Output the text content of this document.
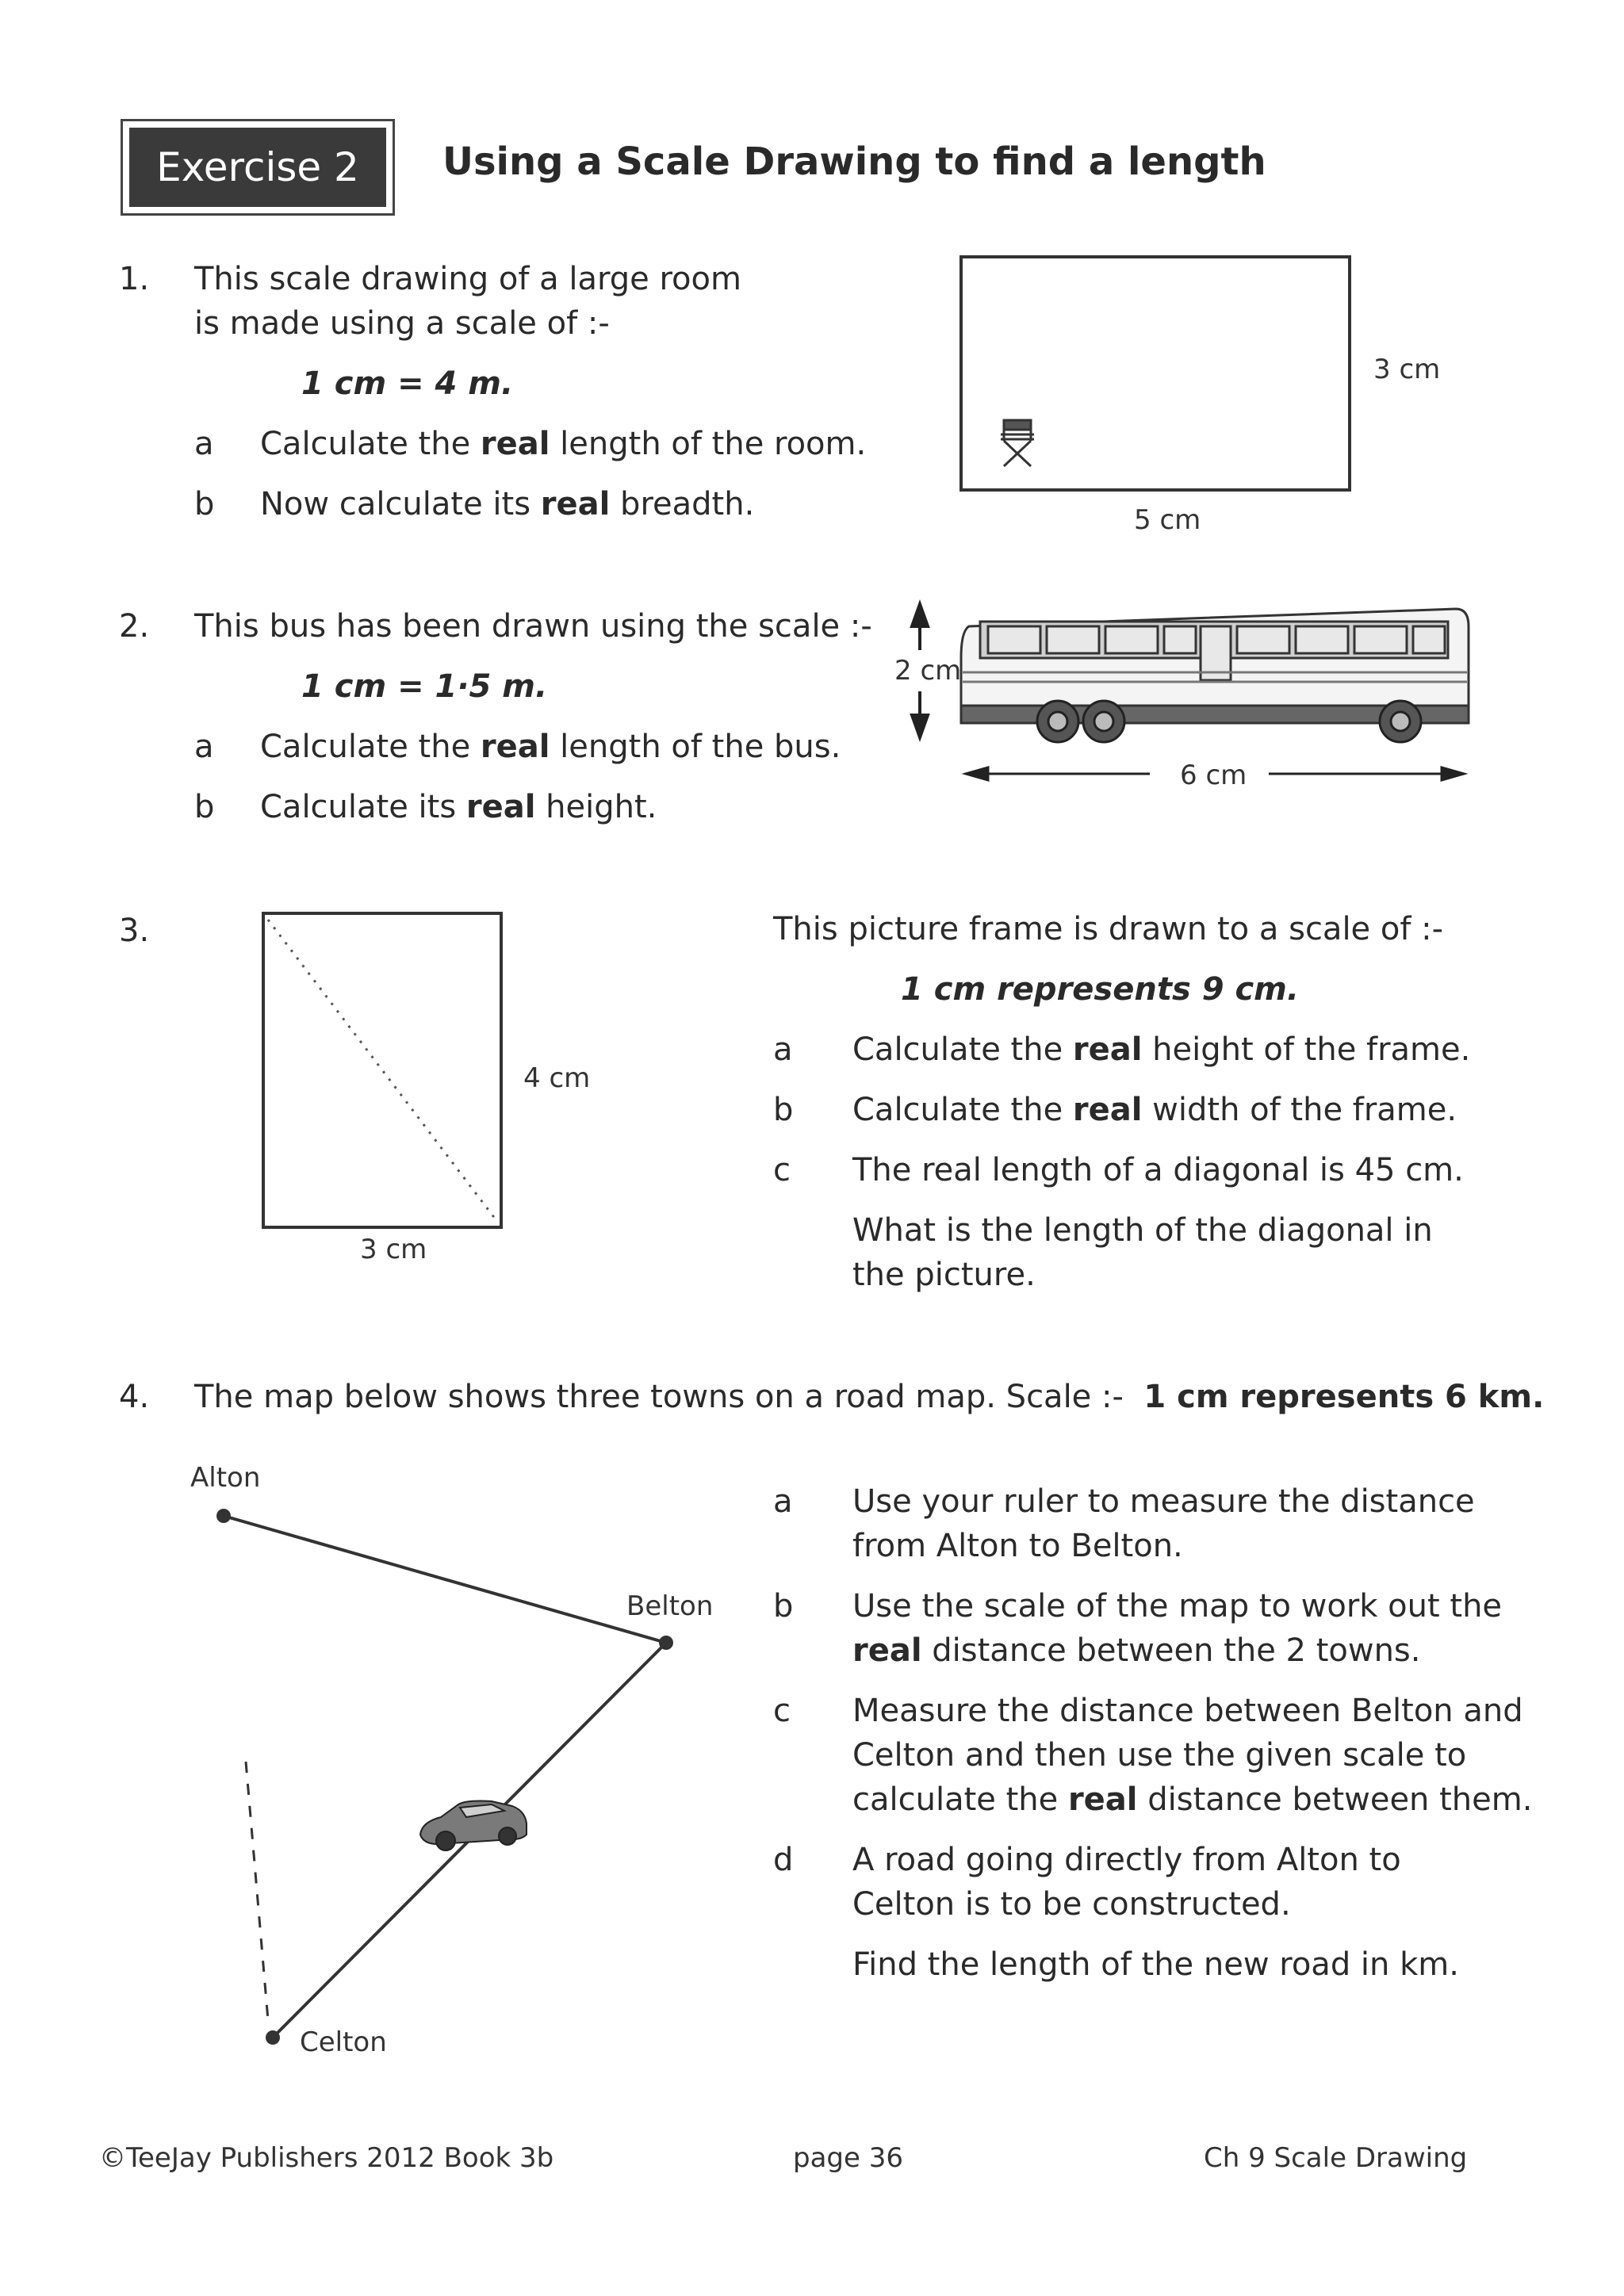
Exercise 2 Using a Scale Drawing to find a length
1. This scale drawing of a large room
is made using a scale of :-
1 cm = 4 m.
a Calculate the real length of the room.
b Now calculate its real breadth.
3 cm
5 cm
2. This bus has been drawn using the scale :-
1 cm = 1·5 m.
a Calculate the real length of the bus.
b Calculate its real height.
2 cm
6 cm
3.
4 cm
3 cm
This picture frame is drawn to a scale of :-
1 cm represents 9 cm.
a Calculate the real height of the frame.
b Calculate the real width of the frame.
c The real length of a diagonal is 45 cm.
What is the length of the diagonal in
the picture.
4. The map below shows three towns on a road map. Scale :- 1 cm represents 6 km.
Alton
Belton
Celton
a Use your ruler to measure the distance
from Alton to Belton.
b Use the scale of the map to work out the
real distance between the 2 towns.
c Measure the distance between Belton and
Celton and then use the given scale to
calculate the real distance between them.
d A road going directly from Alton to
Celton is to be constructed.
Find the length of the new road in km.
©TeeJay Publishers 2012 Book 3b	page 36	Ch 9 Scale Drawing
